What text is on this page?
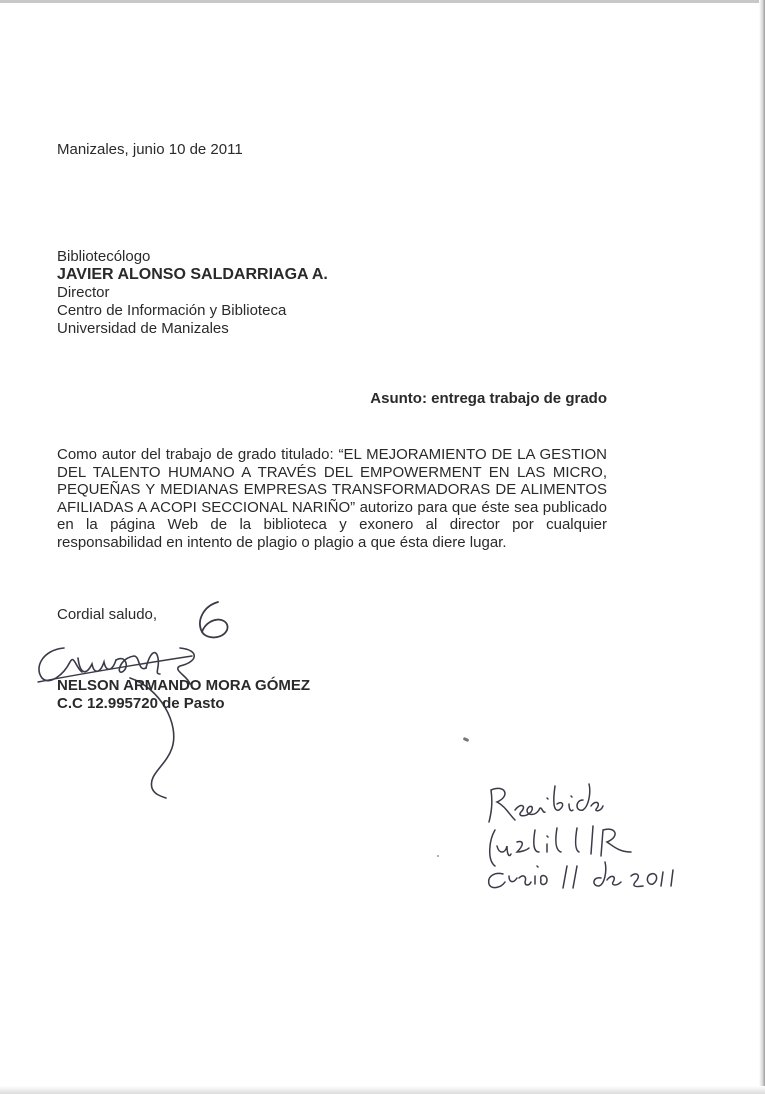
Manizales, junio 10 de 2011
Bibliotecólogo
JAVIER ALONSO SALDARRIAGA A.
Director
Centro de Información y Biblioteca
Universidad de Manizales
Asunto: entrega trabajo de grado
Como autor del trabajo de grado titulado: “EL MEJORAMIENTO DE LA GESTION DEL TALENTO HUMANO A TRAVÉS DEL EMPOWERMENT EN LAS MICRO, PEQUEÑAS Y MEDIANAS EMPRESAS TRANSFORMADORAS DE ALIMENTOS AFILIADAS A ACOPI SECCIONAL NARIÑO” autorizo para que éste sea publicado en la página Web de la biblioteca y exonero al director por cualquier responsabilidad en intento de plagio o plagio a que ésta diere lugar.
Cordial saludo,
NELSON ARMANDO MORA GÓMEZ
C.C 12.995720 de Pasto
